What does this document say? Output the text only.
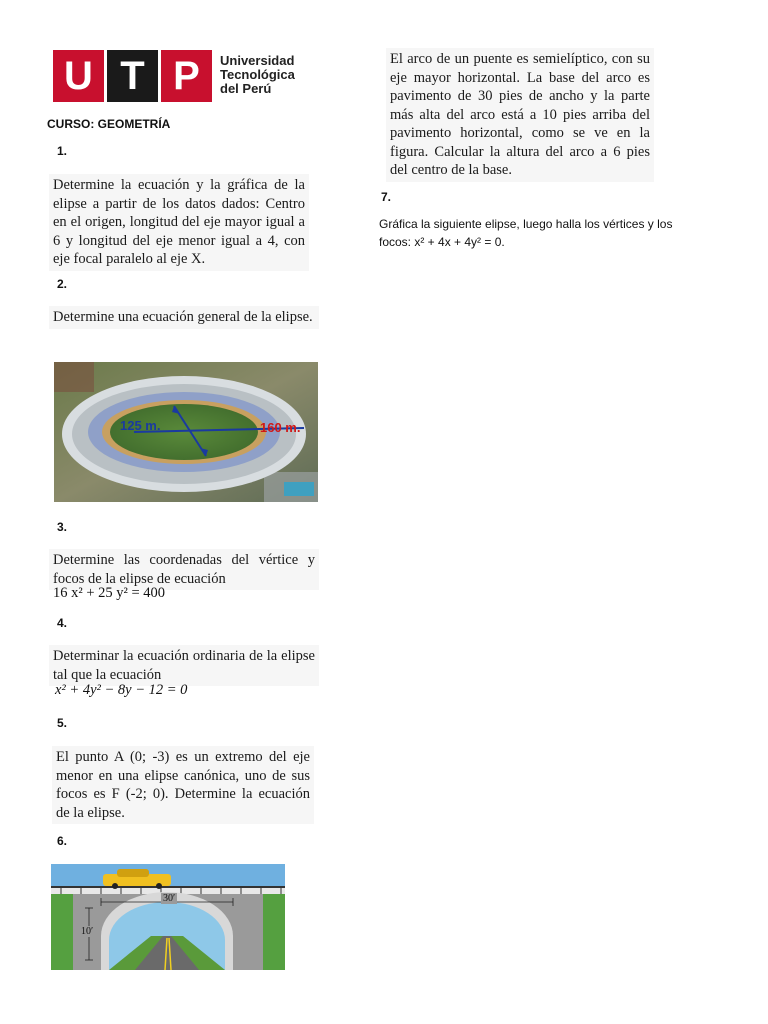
U T P	Universidad
Tecnológica
del Perú
CURSO: GEOMETRÍA
1.
Determine la ecuación y la gráfica de la elipse a partir de los datos dados: Centro en el origen, longitud del eje mayor igual a 6 y longitud del eje menor igual a 4, con eje focal paralelo al eje X.
2.
Determine una ecuación general de la elipse.
125 m.	160 m.
3.
Determine las coordenadas del vértice y focos de la elipse de ecuación
16 x² + 25 y² = 400
4.
Determinar la ecuación ordinaria de la elipse tal que la ecuación
x² + 4y² − 8y − 12 = 0
5.
El punto A (0; -3) es un extremo del eje menor en una elipse canónica, uno de sus focos es F (-2; 0). Determine la ecuación de la elipse.
6.
30′
10′
El arco de un puente es semielíptico, con su eje mayor horizontal. La base del arco es pavimento de 30 pies de ancho y la parte más alta del arco está a 10 pies arriba del pavimento horizontal, como se ve en la figura. Calcular la altura del arco a 6 pies del centro de la base.
7.
Gráfica la siguiente elipse, luego halla los vértices y los focos: x² + 4x + 4y² = 0.
